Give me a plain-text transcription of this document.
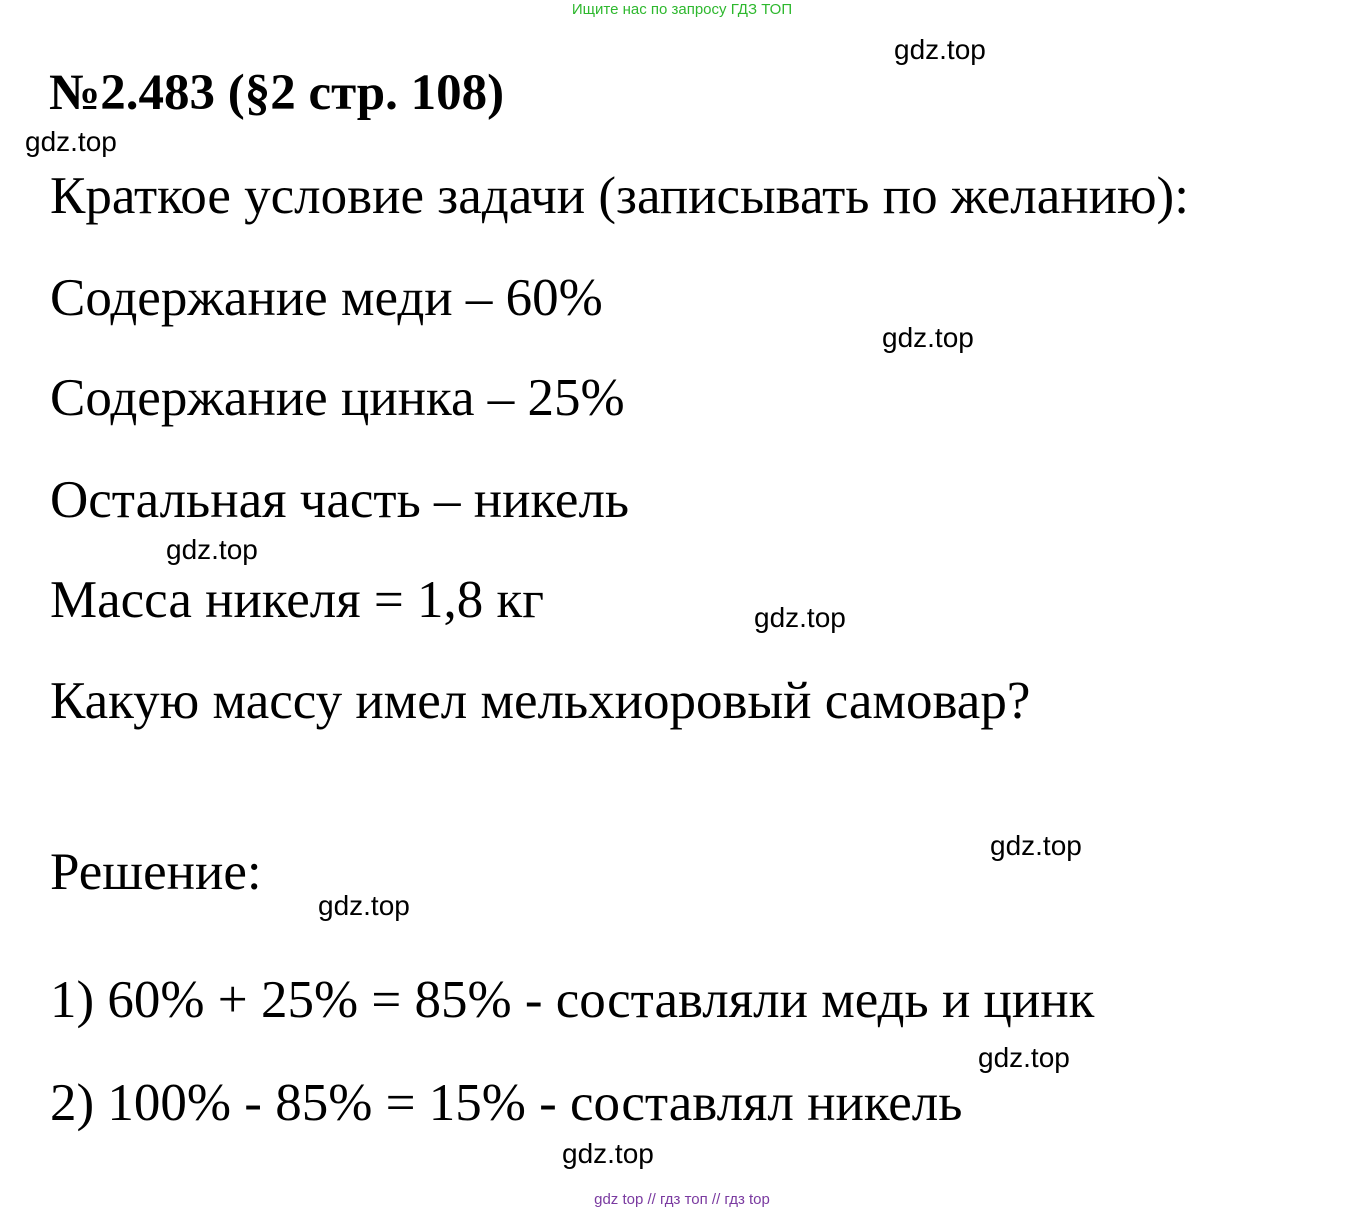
Ищите нас по запросу ГДЗ ТОП
№2.483 (§2 стр. 108)
Краткое условие задачи (записывать по желанию):
Содержание меди – 60%
Содержание цинка – 25%
Остальная часть – никель
Масса никеля = 1,8 кг
Какую массу имел мельхиоровый самовар?
Решение:
1) 60% + 25% = 85% - составляли медь и цинк
2) 100% - 85% = 15% - составлял никель
gdz.top
gdz.top
gdz.top
gdz.top
gdz.top
gdz.top
gdz.top
gdz.top
gdz.top
gdz top // гдз топ // гдз top
